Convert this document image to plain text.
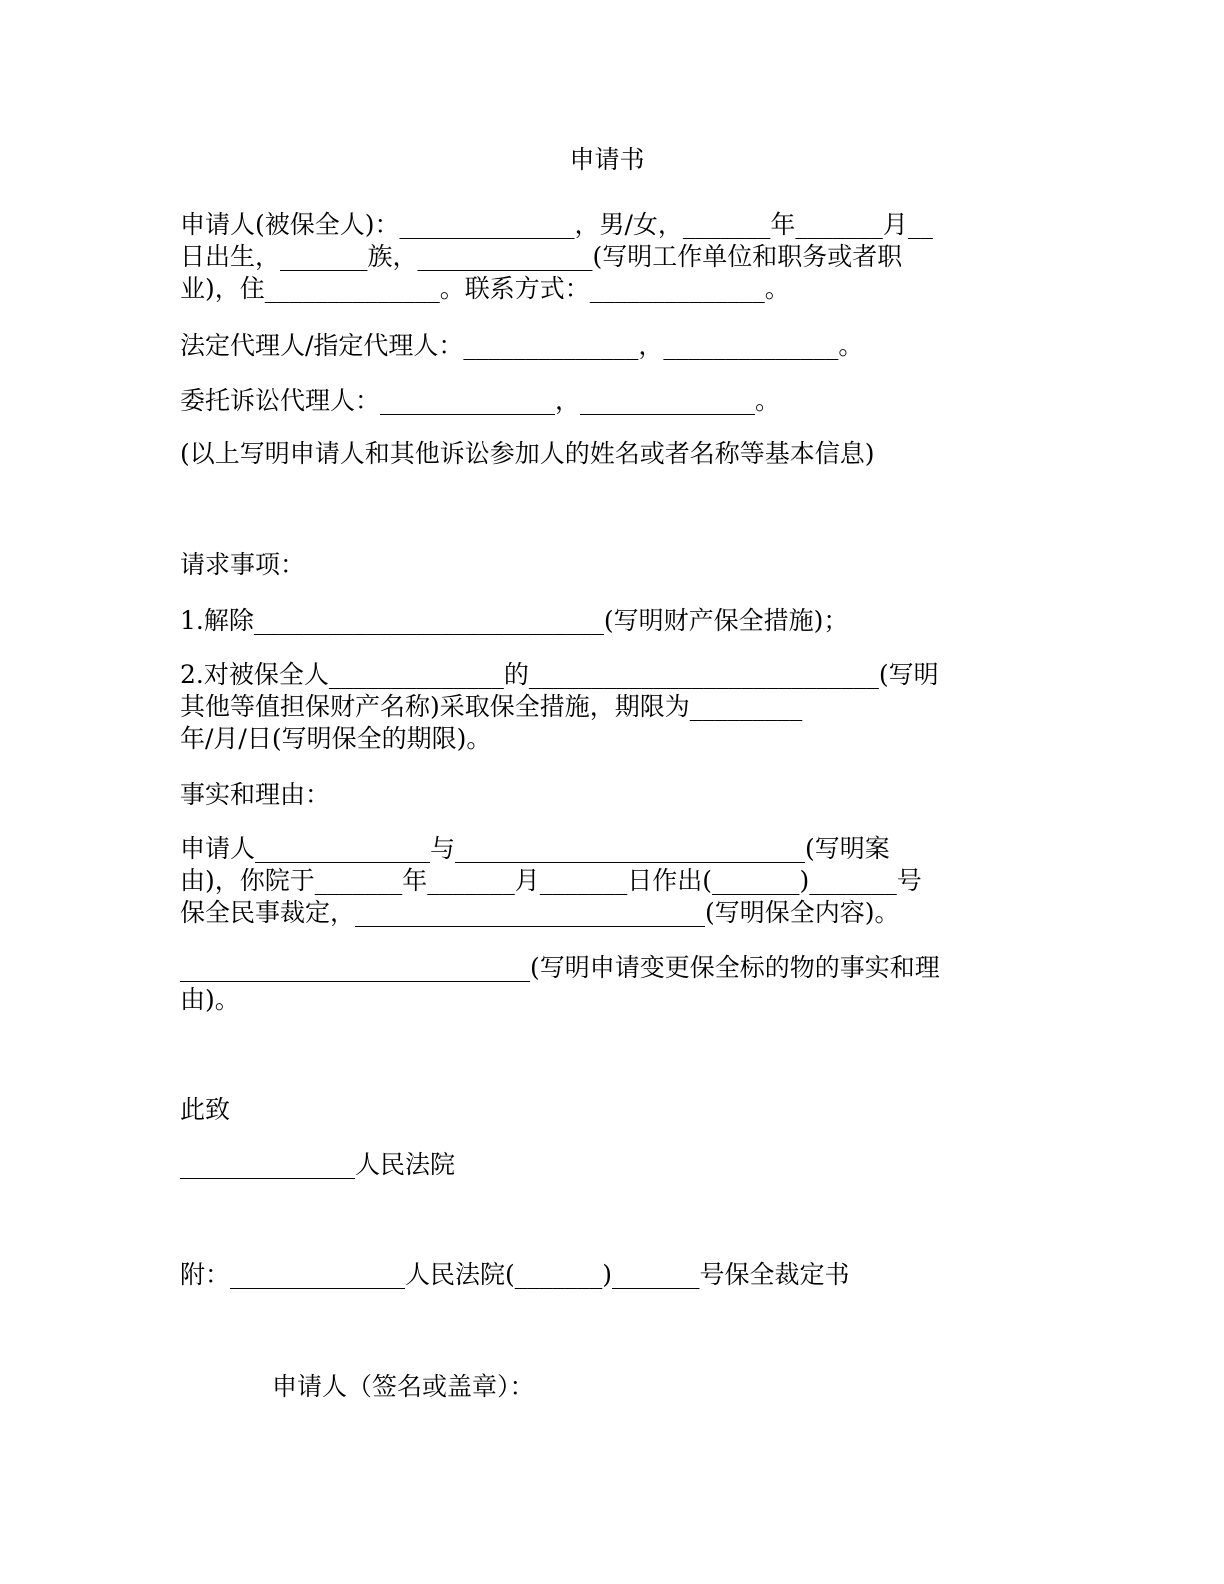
申请书
申请人(被保全人)：______________，男/女，_______年_______月__
日出生，_______族，______________(写明工作单位和职务或者职
业)，住______________。联系方式：______________。
法定代理人/指定代理人：______________，______________。
委托诉讼代理人：______________，______________。
(以上写明申请人和其他诉讼参加人的姓名或者名称等基本信息)
请求事项：
1.解除____________________________(写明财产保全措施)；
2.对被保全人______________的____________________________(写明
其他等值担保财产名称)采取保全措施，期限为_________
年/月/日(写明保全的期限)。
事实和理由：
申请人______________与____________________________(写明案
由)，你院于_______年_______月_______日作出(_______)_______号
保全民事裁定，____________________________(写明保全内容)。
____________________________(写明申请变更保全标的物的事实和理
由)。
此致
______________人民法院
附：______________人民法院(_______)_______号保全裁定书
申请人（签名或盖章）：
